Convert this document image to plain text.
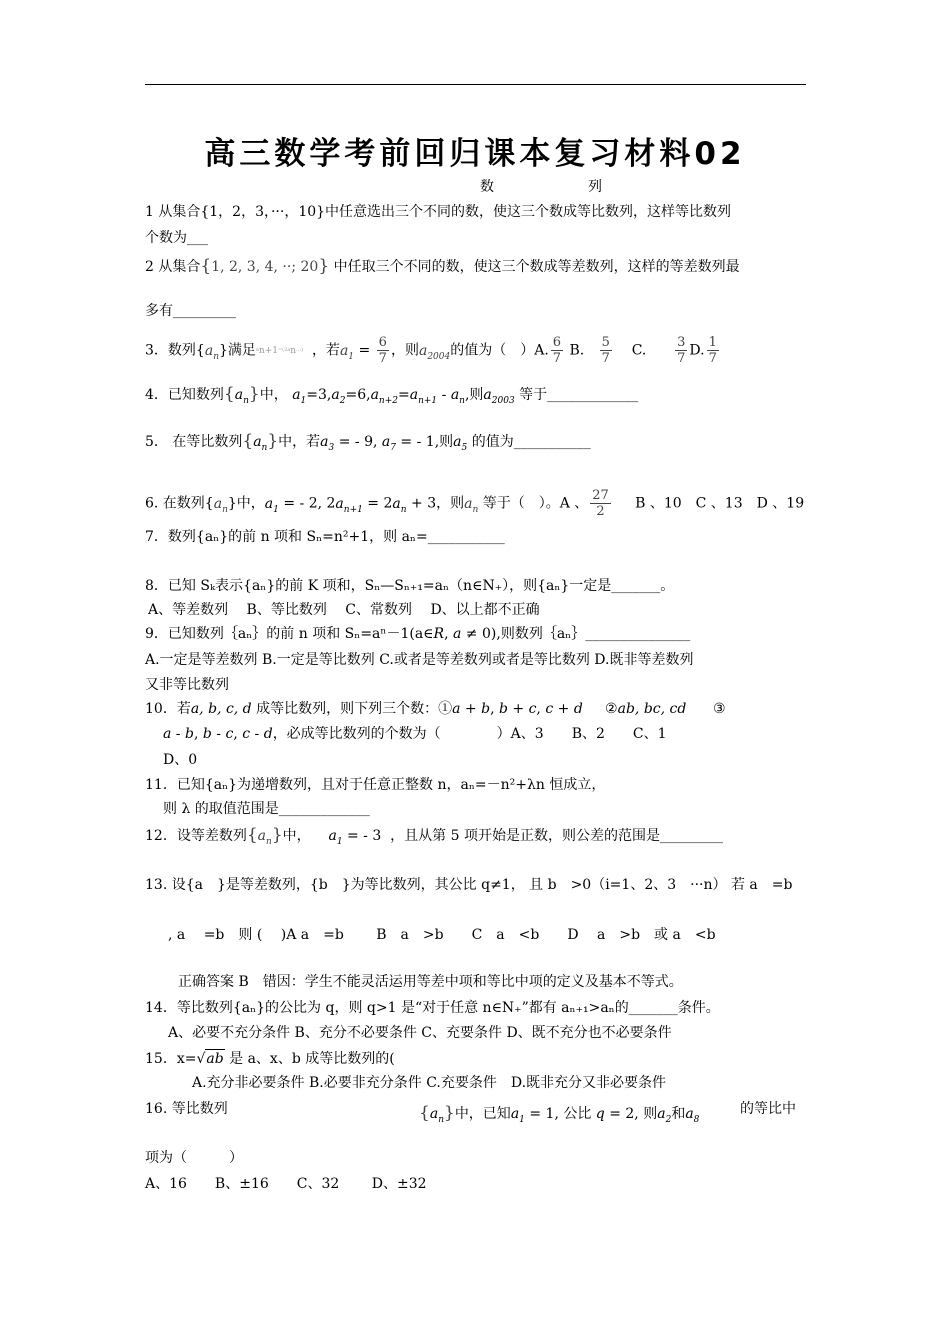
高三数学考前回归课本复习材料02
数	列
1 从集合{1，2，3，···，10}中任意选出三个不同的数，使这三个数成等比数列，这样等比数列
个数为___
2 从集合{1, 2, 3, 4, ··; 20} 中任取三个不同的数，使这三个数成等差数列，这样的等差数列最
多有_________
3．数列$\{a_n\}$满足$a_{n+1}=(2a_n\dots)$ ，若$a_1 = \frac{6}{7}$ ，则$a_{2004}$的值为（　）A. $\frac{6}{7} B$. $\frac{5}{7} C$. $\frac{3}{7} D$. $\frac{1}{7}$
4．已知数列$\{a_n\}$中， $a_1=3,a_2=6,a_{n+2}=a_{n+1} - a_n$,则$a_{2003}$ 等于_____________
5． 在等比数列$\{a_n\}$中，若$a_3$ = - 9, $a_7$ = - 1,则$a_5$ 的值为___________
6. 在数列$\{a_n\}$中，$a_1$ = - 2, $2a_{n+1} = 2a_n + 3$，则$a_n$ 等于（　）。A 、 $\frac{27}{2}$ B 、10　C 、13　D 、19
7．数列{aₙ}的前 n 项和 Sₙ=n²+1，则 aₙ=___________
8．已知 Sₖ表示{aₙ}的前 K 项和，Sₙ—Sₙ₊₁=aₙ（n∈N₊），则{aₙ}一定是_______。
A、等差数列　 B、等比数列　 C、常数列　 D、以上都不正确
9．已知数列｛aₙ｝的前 n 项和 Sₙ=aⁿ－1(a∈R, a ≠ 0),则数列｛aₙ｝_______________
A.一定是等差数列 B.一定是等比数列 C.或者是等差数列或者是等比数列 D.既非等差数列
又非等比数列
10．若a, b, c, d 成等比数列，则下列三个数：①a + b, b + c, c + d ②ab, bc, cd ③
a - b, b - c, c - d，必成等比数列的个数为（　　　　）A、3　　B、2　　C、1
D、0
11．已知{aₙ}为递增数列，且对于任意正整数 n，aₙ=－n²+λn 恒成立，
则 λ 的取值范围是_____________
12．设等差数列$\{a_n\}$中， $a_1$ = - 3  ，且从第 5 项开始是正数，则公差的范围是_________
13. 设{a　}是等差数列，{b　}为等比数列，其公比 q≠1， 且 b　>0（i=1、2、3　···n） 若 a　=b
, a　 =b　则 (　 )A a　=b　　 B　a　>b　　C　a　<b　　D　 a　>b　或 a　<b
正确答案 B　错因：学生不能灵活运用等差中项和等比中项的定义及基本不等式。
14．等比数列{aₙ}的公比为 q，则 q>1 是“对于任意 n∈N₊”都有 aₙ₊₁>aₙ的_______条件。
A、必要不充分条件 B、充分不必要条件 C、充要条件 D、既不充分也不必要条件
15．x=√ab 是 a、x、b 成等比数列的(
A.充分非必要条件 B.必要非充分条件 C.充要条件　D.既非充分又非必要条件
16. 等比数列	$\{a_n\}$中，已知$a_1 = 1$, 公比 q = 2, 则$a_2$和$a_8$
的等比中
项为（　　　）
A、16　　B、±16　　C、32　　 D、±32
